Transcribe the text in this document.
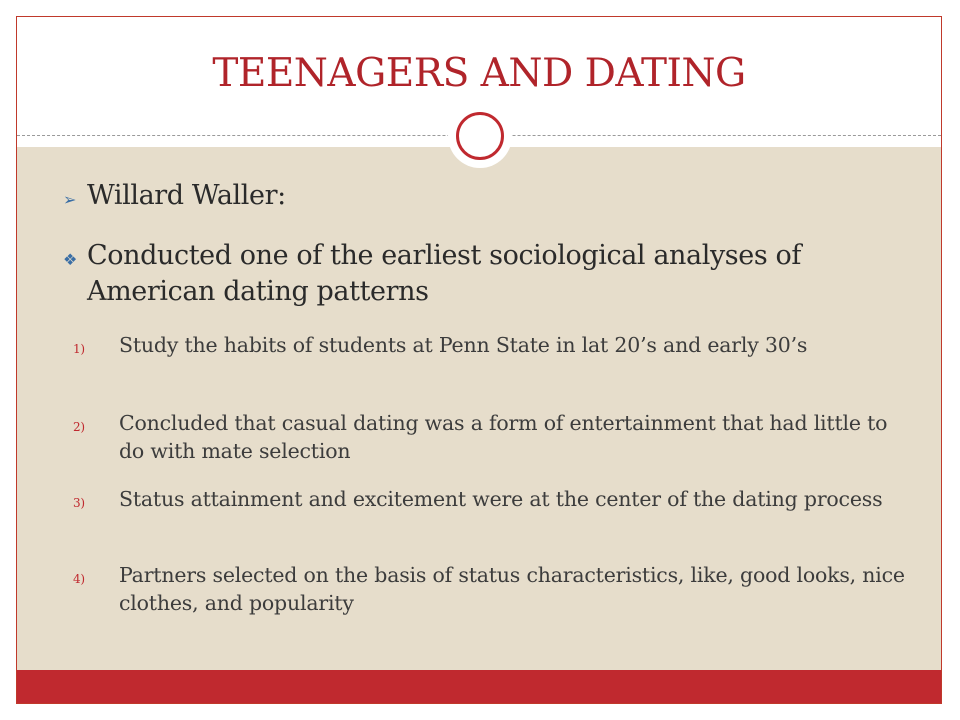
TEENAGERS AND DATING
➢ Willard Waller:
❖ Conducted one of the earliest sociological analyses of American dating patterns
1)	Study the habits of students at Penn State in lat 20’s and early 30’s
2)	Concluded that casual dating was a form of entertainment that had little to do with mate selection
3)	Status attainment and excitement were at the center of the dating process
4)	Partners selected on the basis of status characteristics, like, good looks, nice clothes, and popularity
